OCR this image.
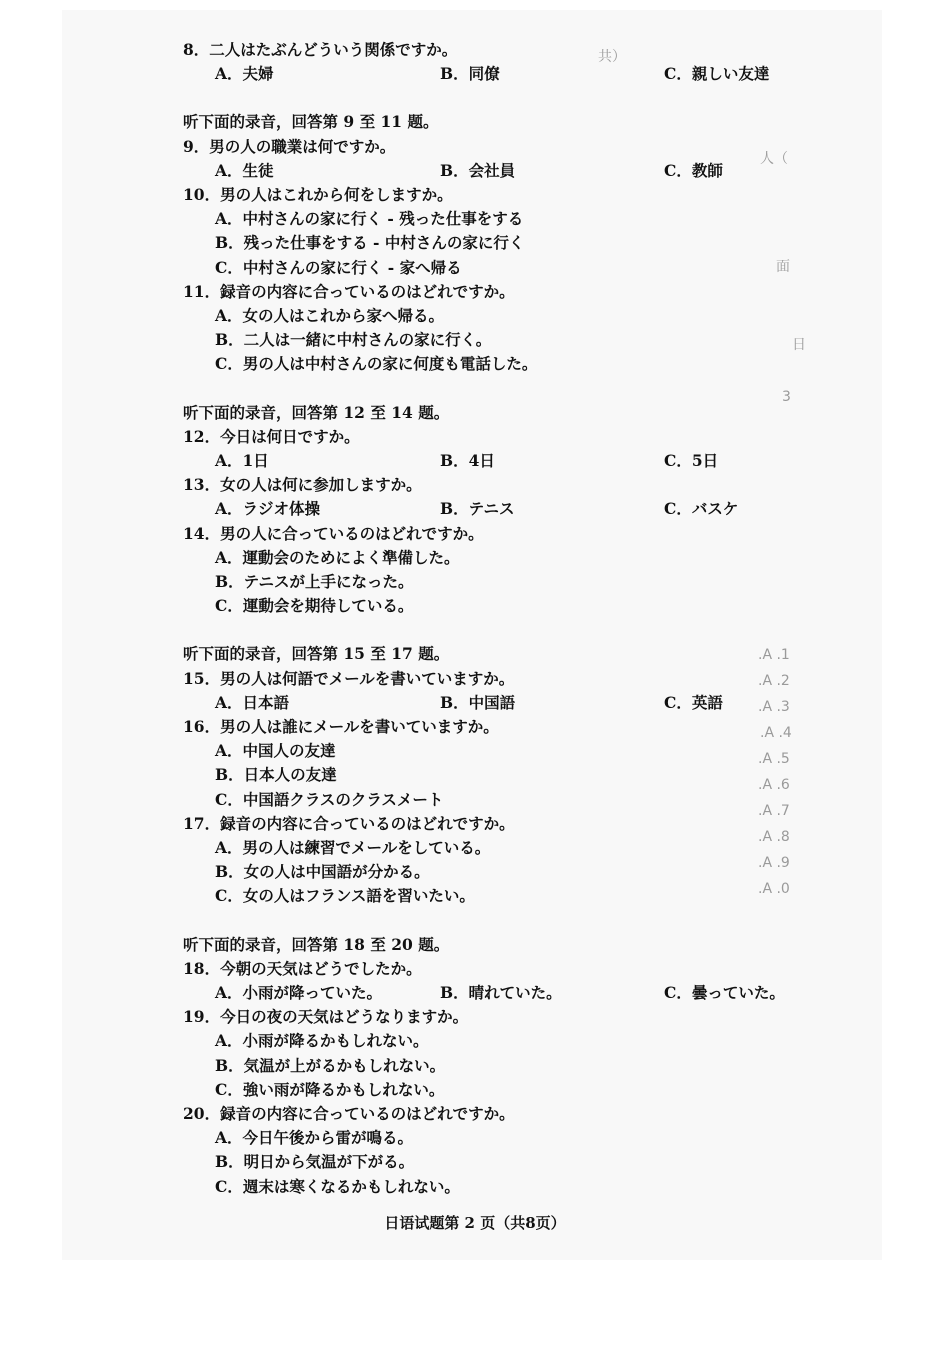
8．二人はたぶんどういう関係ですか。
A．夫婦	B．同僚	C．親しい友達
听下面的录音，回答第 9 至 11 题。
9．男の人の職業は何ですか。
A．生徒	B．会社員	C．教師
10．男の人はこれから何をしますか。
A．中村さんの家に行く - 残った仕事をする
B．残った仕事をする - 中村さんの家に行く
C．中村さんの家に行く - 家へ帰る
11．録音の内容に合っているのはどれですか。
A．女の人はこれから家へ帰る。
B．二人は一緒に中村さんの家に行く。
C．男の人は中村さんの家に何度も電話した。
听下面的录音，回答第 12 至 14 题。
12．今日は何日ですか。
A．1日	B．4日	C．5日
13．女の人は何に参加しますか。
A．ラジオ体操	B．テニス	C．バスケ
14．男の人に合っているのはどれですか。
A．運動会のためによく準備した。
B．テニスが上手になった。
C．運動会を期待している。
听下面的录音，回答第 15 至 17 题。
15．男の人は何語でメールを書いていますか。
A．日本語	B．中国語	C．英語
16．男の人は誰にメールを書いていますか。
A．中国人の友達
B．日本人の友達
C．中国語クラスのクラスメート
17．録音の内容に合っているのはどれですか。
A．男の人は練習でメールをしている。
B．女の人は中国語が分かる。
C．女の人はフランス語を習いたい。
听下面的录音，回答第 18 至 20 题。
18．今朝の天気はどうでしたか。
A．小雨が降っていた。	B．晴れていた。	C．曇っていた。
19．今日の夜の天気はどうなりますか。
A．小雨が降るかもしれない。
B．気温が上がるかもしれない。
C．強い雨が降るかもしれない。
20．録音の内容に合っているのはどれですか。
A．今日午後から雷が鳴る。
B．明日から気温が下がる。
C．週末は寒くなるかもしれない。
共）
人（
面
日
3
.A .1
.A .2
.A .3
.A .4
.A .5
.A .6
.A .7
.A .8
.A .9
.A .0
日语试题第 2 页（共8页）
